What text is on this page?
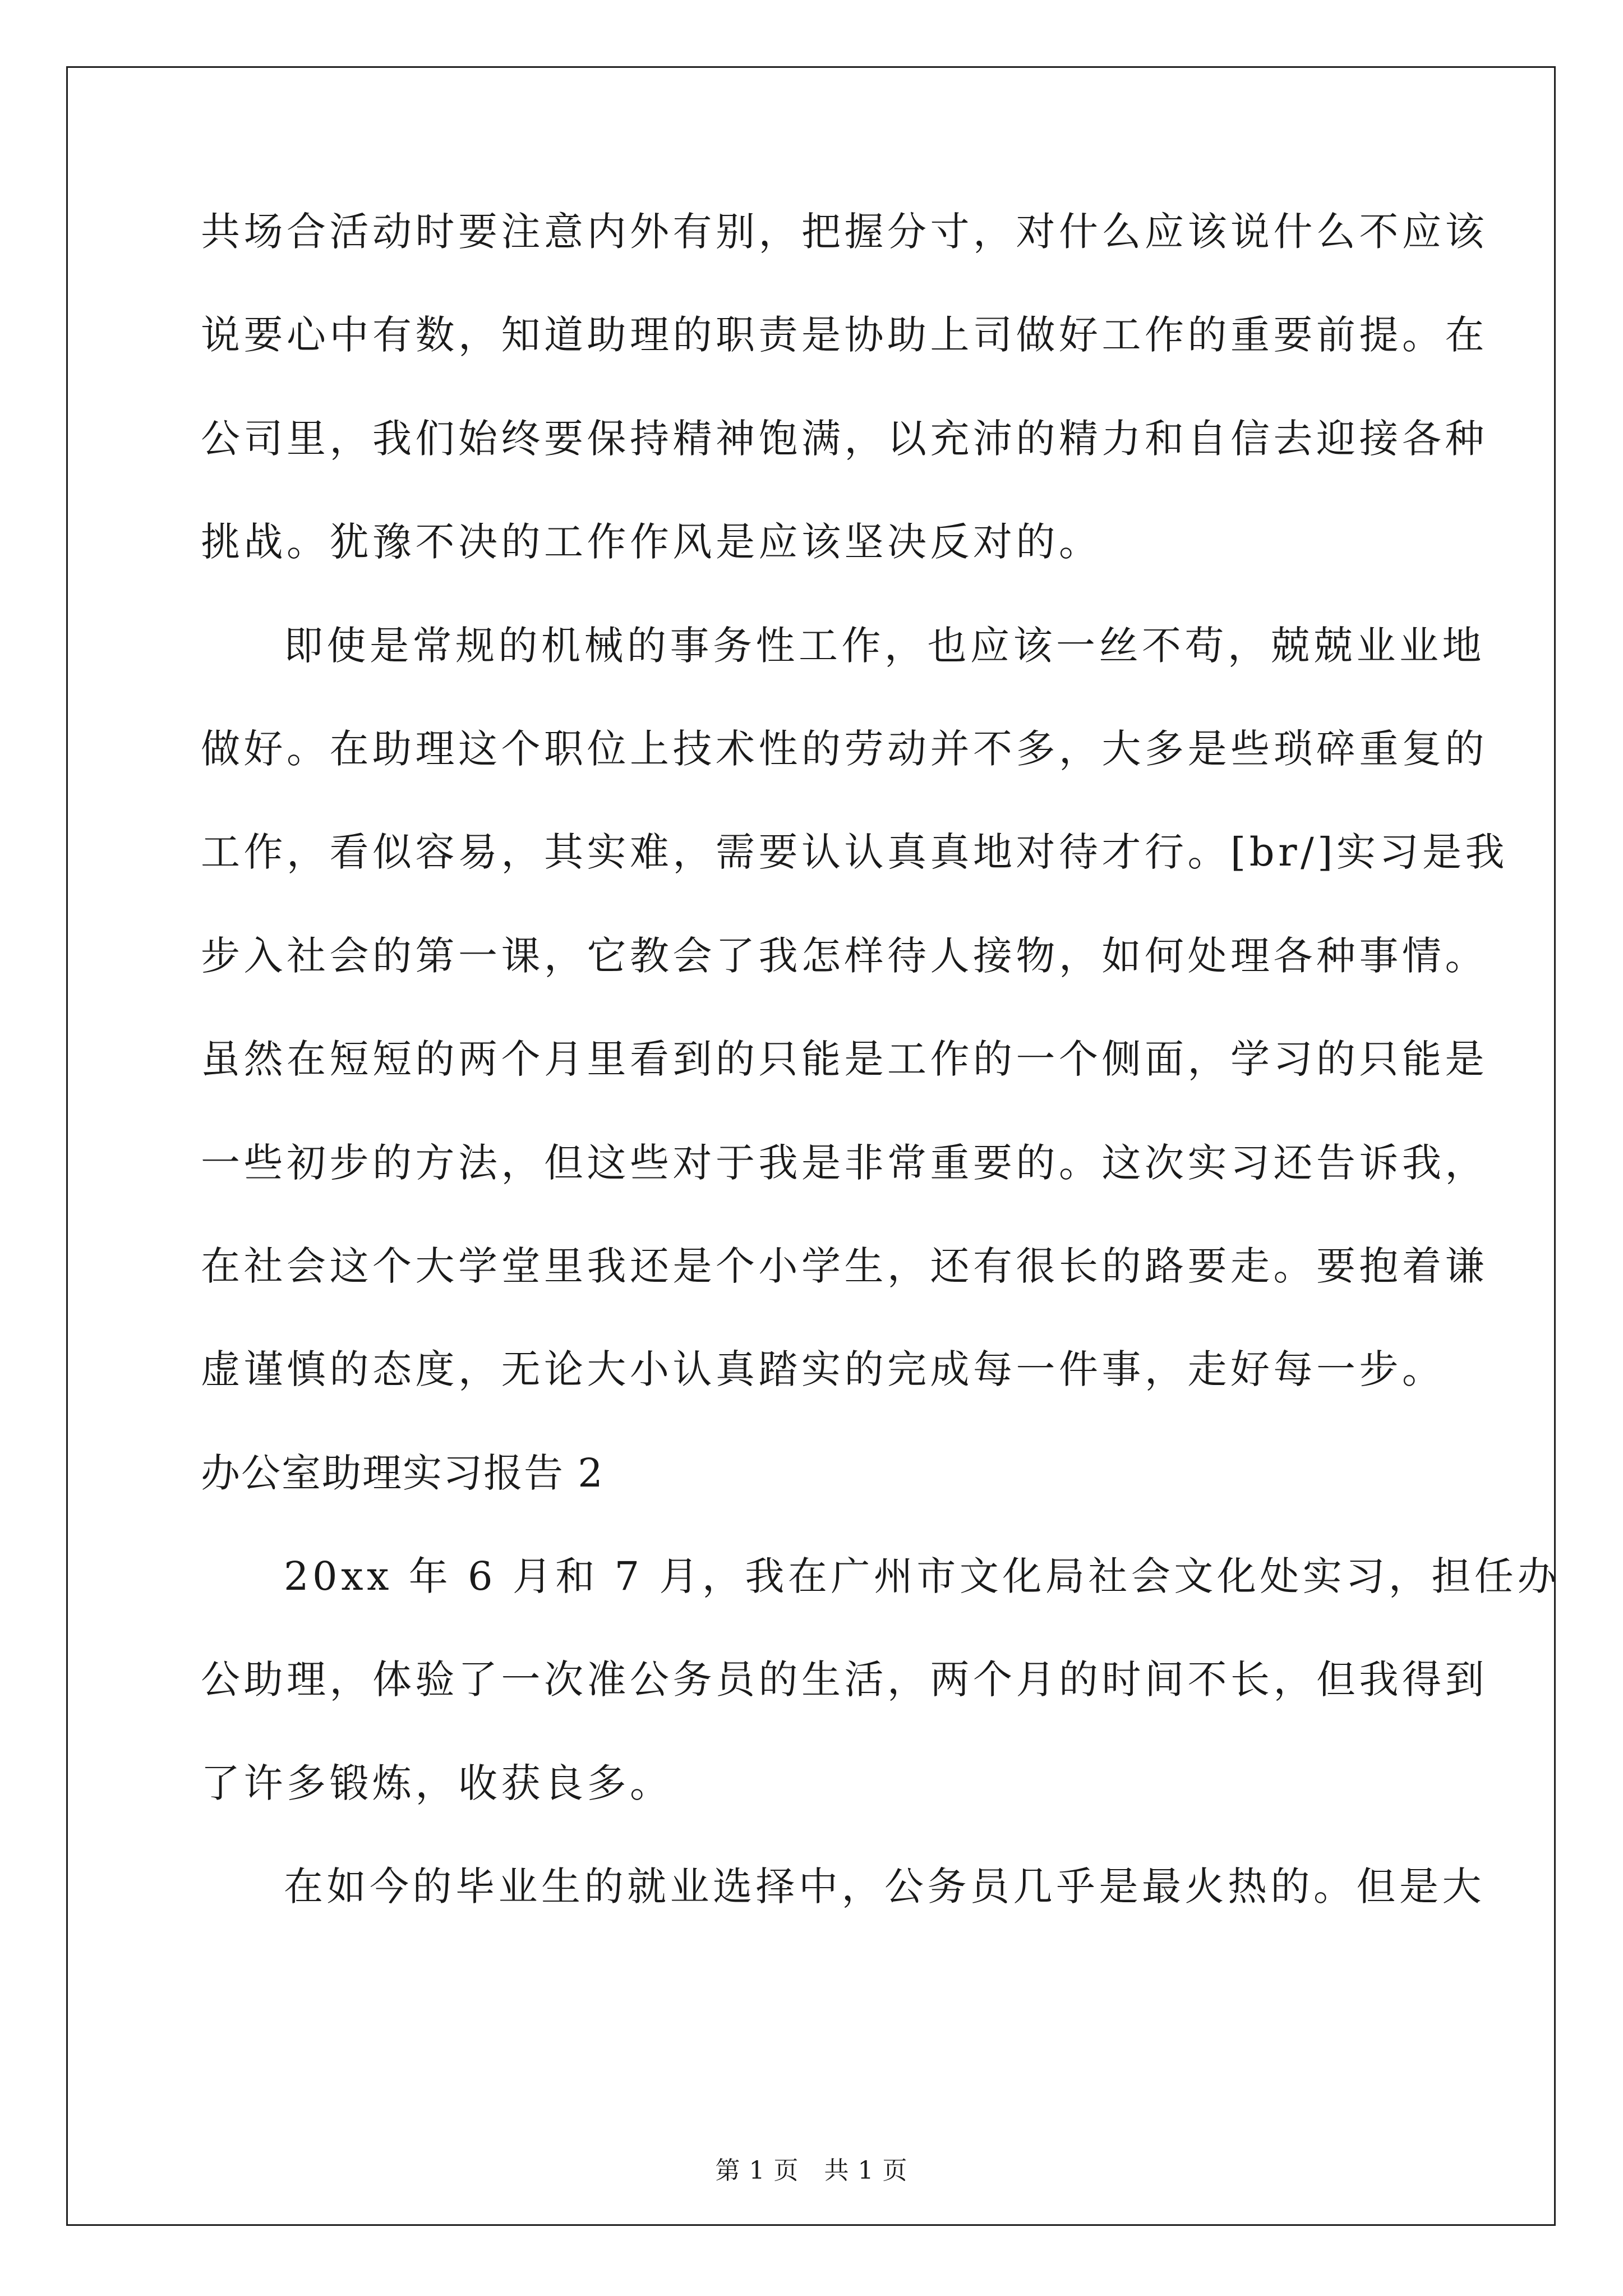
共场合活动时要注意内外有别，把握分寸，对什么应该说什么不应该

说要心中有数，知道助理的职责是协助上司做好工作的重要前提。在

公司里，我们始终要保持精神饱满，以充沛的精力和自信去迎接各种

挑战。犹豫不决的工作作风是应该坚决反对的。

即使是常规的机械的事务性工作，也应该一丝不苟，兢兢业业地

做好。在助理这个职位上技术性的劳动并不多，大多是些琐碎重复的

工作，看似容易，其实难，需要认认真真地对待才行。[br/]实习是我

步入社会的第一课，它教会了我怎样待人接物，如何处理各种事情。

虽然在短短的两个月里看到的只能是工作的一个侧面，学习的只能是

一些初步的方法，但这些对于我是非常重要的。这次实习还告诉我，

在社会这个大学堂里我还是个小学生，还有很长的路要走。要抱着谦

虚谨慎的态度，无论大小认真踏实的完成每一件事，走好每一步。

办公室助理实习报告 2

20xx 年 6 月和 7 月，我在广州市文化局社会文化处实习，担任办

公助理，体验了一次准公务员的生活，两个月的时间不长，但我得到

了许多锻炼，收获良多。

在如今的毕业生的就业选择中，公务员几乎是最火热的。但是大

第 1 页　共 1 页
